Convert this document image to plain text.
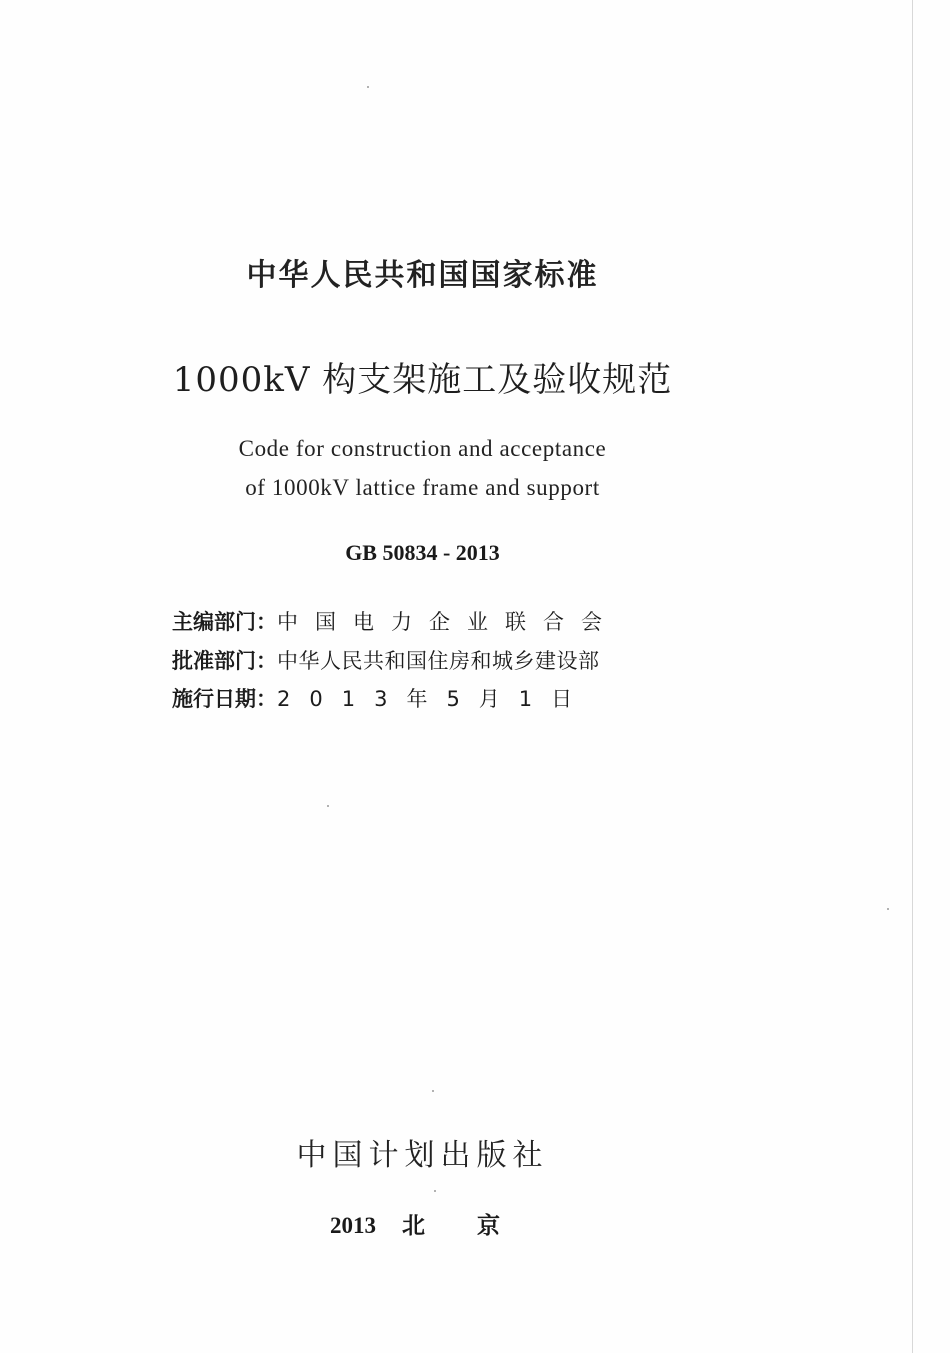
中华人民共和国国家标准
1000kV 构支架施工及验收规范
Code for construction and acceptance
of 1000kV lattice frame and support
GB 50834 - 2013
主编部门： 中国电力企业联合会
批准部门： 中华人民共和国住房和城乡建设部
施行日期： 2013年5月1日
中国计划出版社
2013 北京
